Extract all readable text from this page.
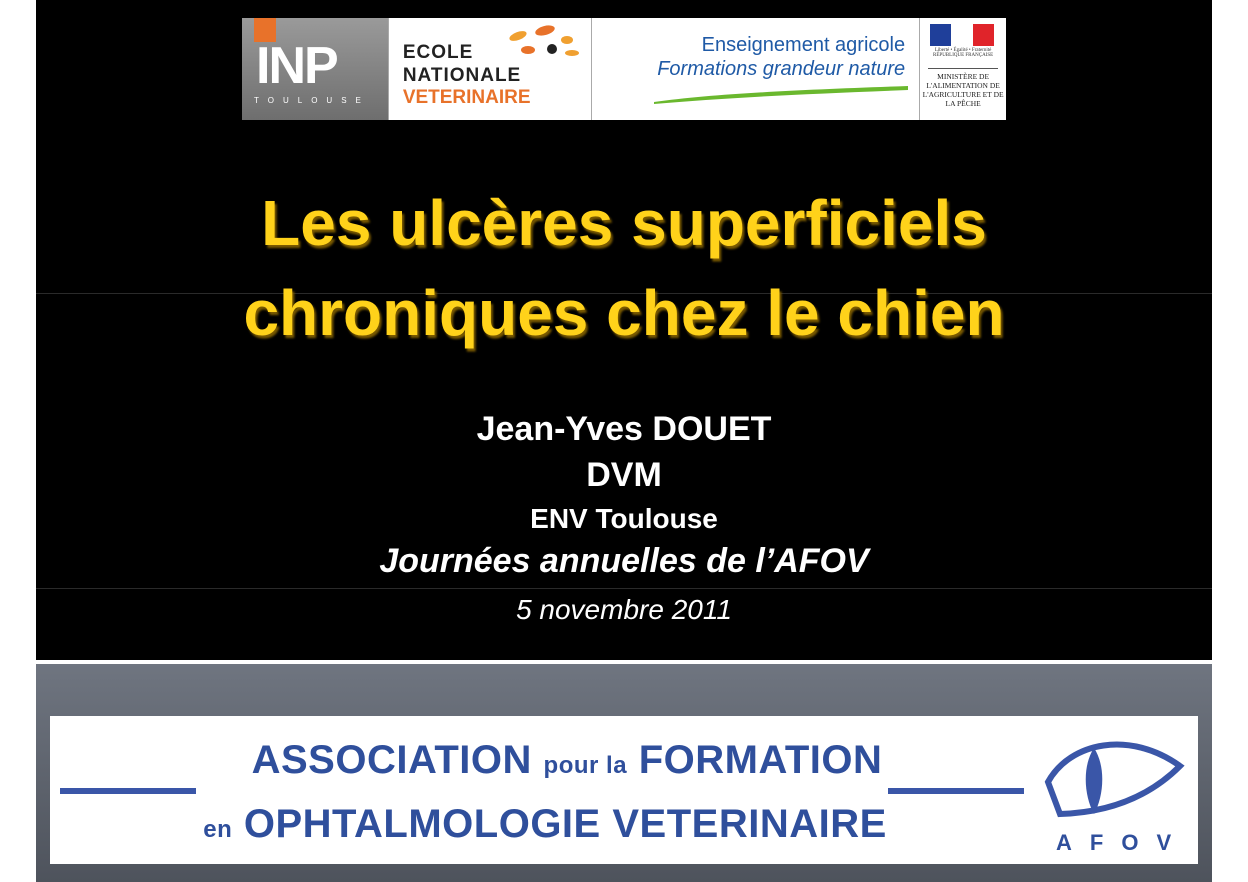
INP
TOULOUSE
ECOLE
NATIONALE
VETERINAIRE
Enseignement agricole
Formations grandeur nature
Liberté • Égalité • Fraternité RÉPUBLIQUE FRANÇAISE
MINISTÈRE DE L'ALIMENTATION DE L'AGRICULTURE ET DE LA PÊCHE
Les ulcères superficiels
chroniques chez le chien
Jean-Yves DOUET
DVM
ENV Toulouse
Journées annuelles de l’AFOV
5 novembre 2011
ASSOCIATION pour la FORMATION
en OPHTALMOLOGIE VETERINAIRE	AFOV
